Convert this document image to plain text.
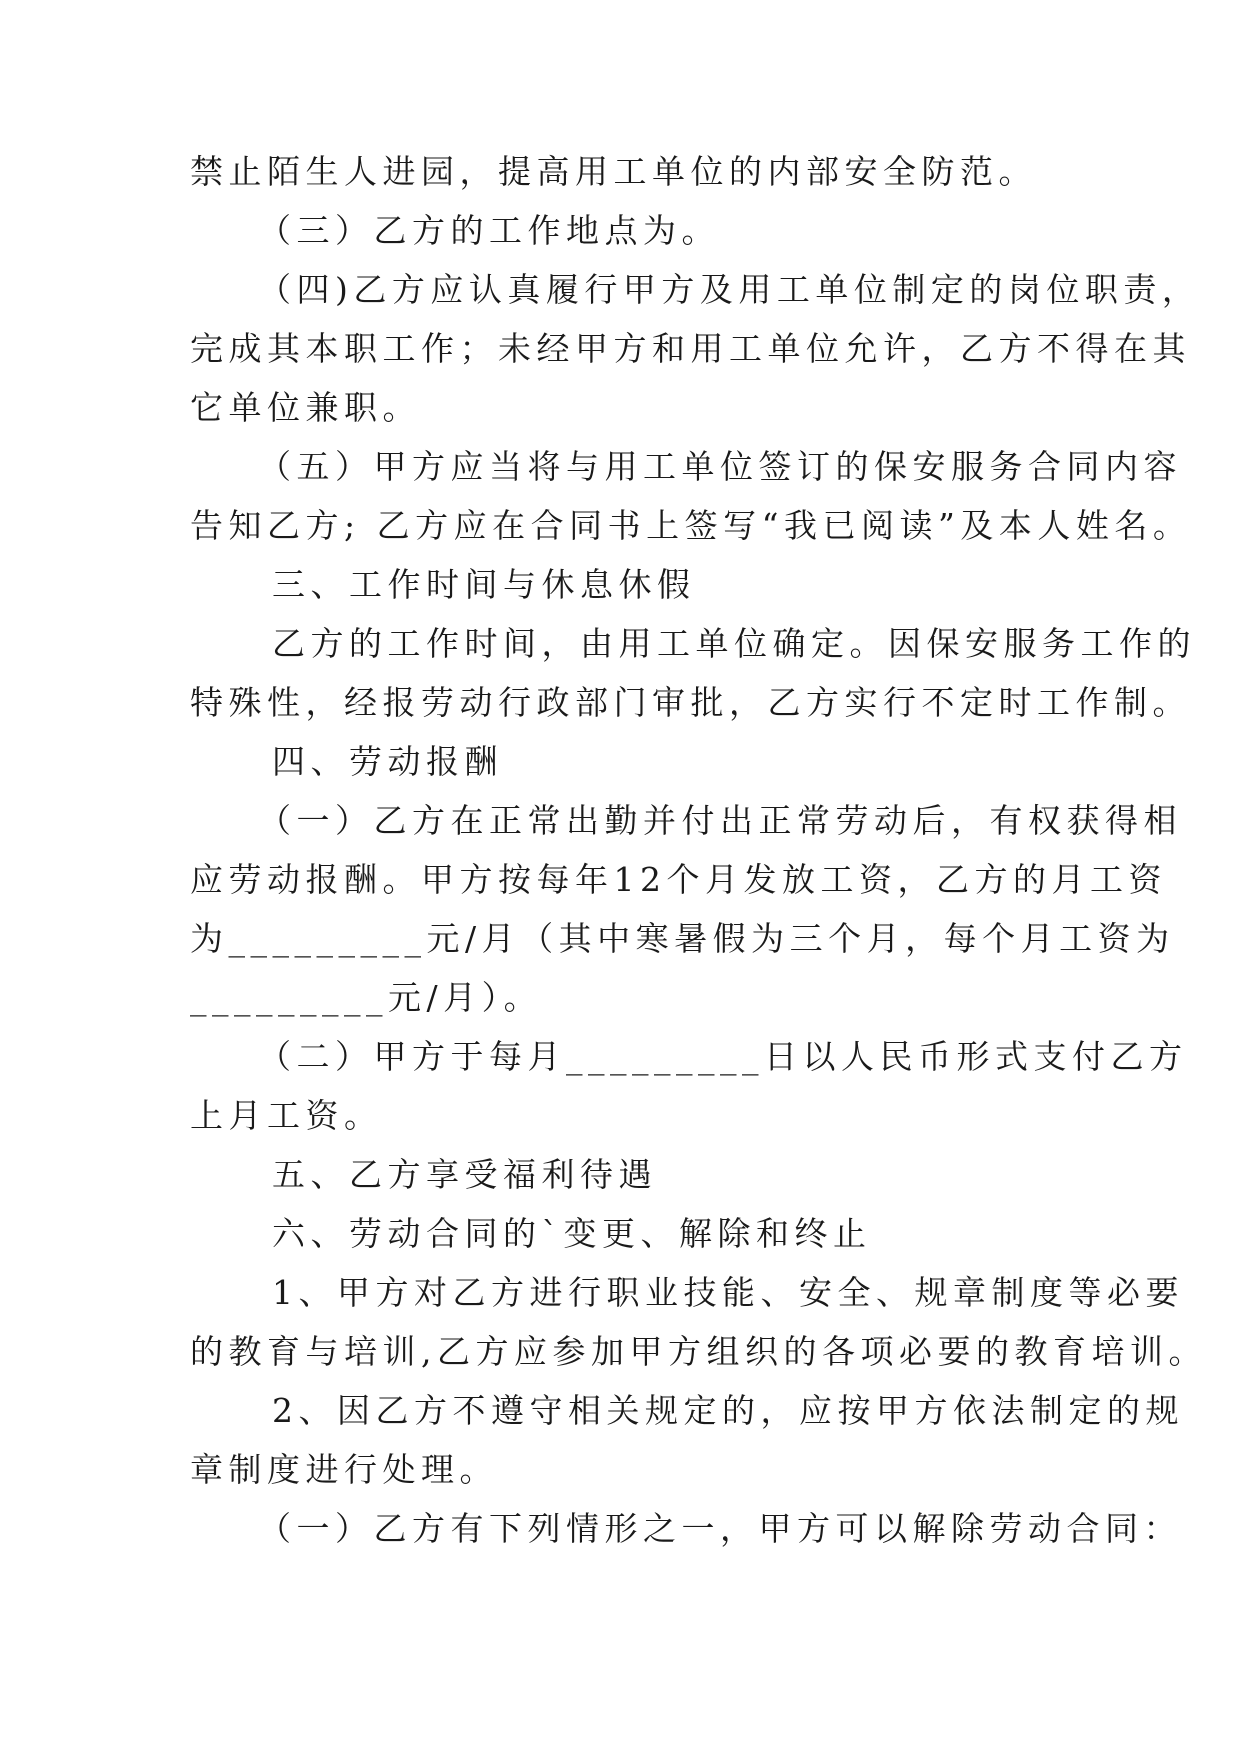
禁止陌生人进园，提高用工单位的内部安全防范。
（三）乙方的工作地点为。
（四)乙方应认真履行甲方及用工单位制定的岗位职责，
完成其本职工作；未经甲方和用工单位允许，乙方不得在其
它单位兼职。
（五）甲方应当将与用工单位签订的保安服务合同内容
告知乙方; 乙方应在合同书上签写“我已阅读”及本人姓名。
三、工作时间与休息休假
乙方的工作时间，由用工单位确定。因保安服务工作的
特殊性，经报劳动行政部门审批，乙方实行不定时工作制。
四、劳动报酬
（一）乙方在正常出勤并付出正常劳动后，有权获得相
应劳动报酬。甲方按每年12个月发放工资，乙方的月工资
为_________元/月（其中寒暑假为三个月，每个月工资为
_________元/月）。
（二）甲方于每月_________日以人民币形式支付乙方
上月工资。
五、乙方享受福利待遇
六、劳动合同的`变更、解除和终止
1、甲方对乙方进行职业技能、安全、规章制度等必要
的教育与培训,乙方应参加甲方组织的各项必要的教育培训。
2、因乙方不遵守相关规定的，应按甲方依法制定的规
章制度进行处理。
（一）乙方有下列情形之一，甲方可以解除劳动合同：
